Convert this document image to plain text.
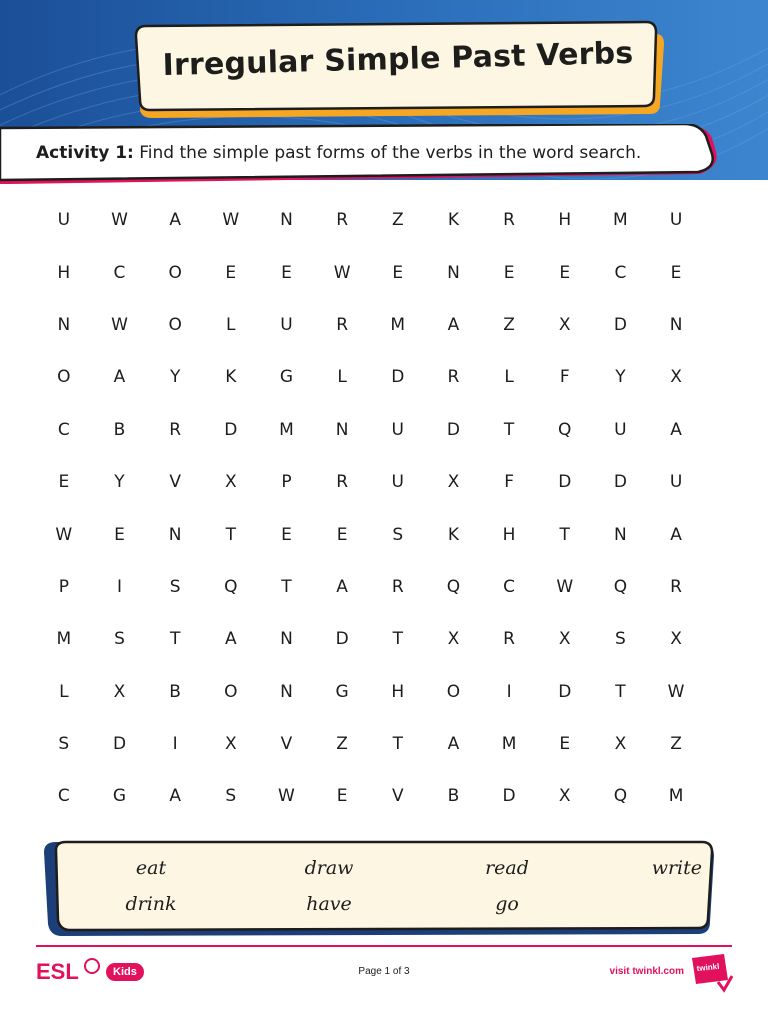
Irregular Simple Past Verbs
Activity 1: Find the simple past forms of the verbs in the word search.
U	W	A	W	N	R	Z	K	R	H	M	U
H	C	O	E	E	W	E	N	E	E	C	E
N	W	O	L	U	R	M	A	Z	X	D	N
O	A	Y	K	G	L	D	R	L	F	Y	X
C	B	R	D	M	N	U	D	T	Q	U	A
E	Y	V	X	P	R	U	X	F	D	D	U
W	E	N	T	E	E	S	K	H	T	N	A
P	I	S	Q	T	A	R	Q	C	W	Q	R
M	S	T	A	N	D	T	X	R	X	S	X
L	X	B	O	N	G	H	O	I	D	T	W
S	D	I	X	V	Z	T	A	M	E	X	Z
C	G	A	S	W	E	V	B	D	X	Q	M
eat	draw	read	write
drink	have	go
ESL	Kids	Page 1 of 3	visit twinkl.com	twinkl
